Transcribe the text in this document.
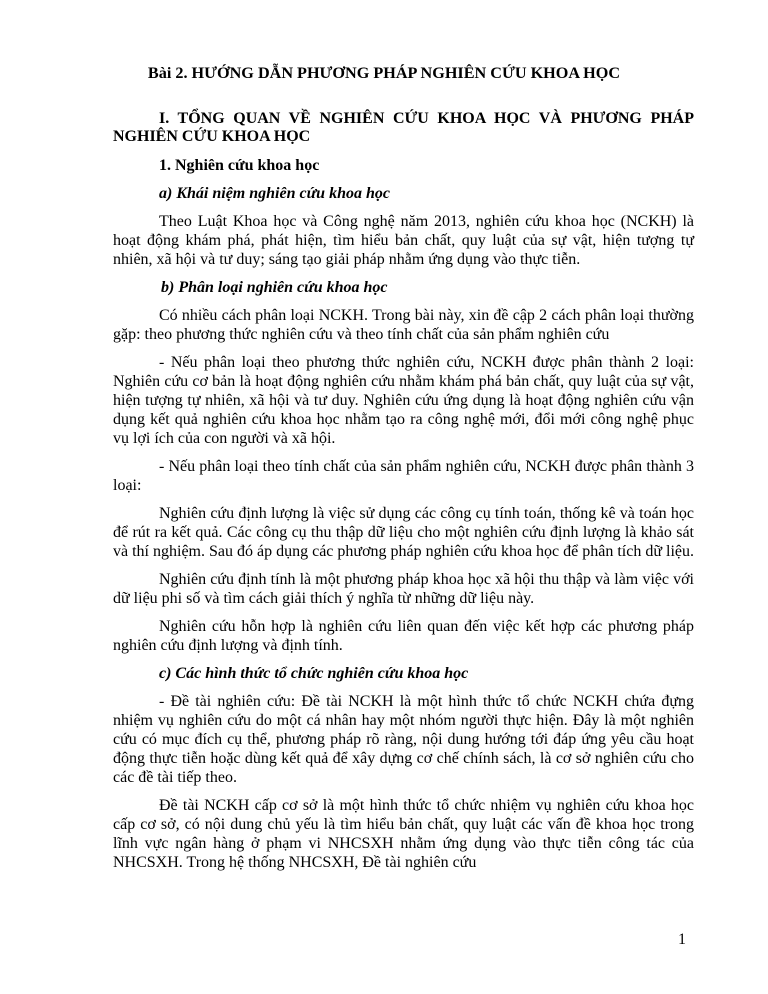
Bài 2. HƯỚNG DẪN PHƯƠNG PHÁP NGHIÊN CỨU KHOA HỌC
I. TỔNG QUAN VỀ NGHIÊN CỨU KHOA HỌC VÀ PHƯƠNG PHÁP NGHIÊN CỨU KHOA HỌC
1. Nghiên cứu khoa học
a) Khái niệm nghiên cứu khoa học

Theo Luật Khoa học và Công nghệ năm 2013, nghiên cứu khoa học (NCKH) là hoạt động khám phá, phát hiện, tìm hiểu bản chất, quy luật của sự vật, hiện tượng tự nhiên, xã hội và tư duy; sáng tạo giải pháp nhằm ứng dụng vào thực tiễn.

b) Phân loại nghiên cứu khoa học

Có nhiều cách phân loại NCKH. Trong bài này, xin đề cập 2 cách phân loại thường gặp: theo phương thức nghiên cứu và theo tính chất của sản phẩm nghiên cứu

- Nếu phân loại theo phương thức nghiên cứu, NCKH được phân thành 2 loại: Nghiên cứu cơ bản là hoạt động nghiên cứu nhằm khám phá bản chất, quy luật của sự vật, hiện tượng tự nhiên, xã hội và tư duy. Nghiên cứu ứng dụng là hoạt động nghiên cứu vận dụng kết quả nghiên cứu khoa học nhằm tạo ra công nghệ mới, đổi mới công nghệ phục vụ lợi ích của con người và xã hội.

- Nếu phân loại theo tính chất của sản phẩm nghiên cứu, NCKH được phân thành 3 loại:

Nghiên cứu định lượng là việc sử dụng các công cụ tính toán, thống kê và toán học để rút ra kết quả. Các công cụ thu thập dữ liệu cho một nghiên cứu định lượng là khảo sát và thí nghiệm. Sau đó áp dụng các phương pháp nghiên cứu khoa học để phân tích dữ liệu.

Nghiên cứu định tính là một phương pháp khoa học xã hội thu thập và làm việc với dữ liệu phi số và tìm cách giải thích ý nghĩa từ những dữ liệu này.

Nghiên cứu hỗn hợp là nghiên cứu liên quan đến việc kết hợp các phương pháp nghiên cứu định lượng và định tính.

c) Các hình thức tổ chức nghiên cứu khoa học

- Đề tài nghiên cứu: Đề tài NCKH là một hình thức tổ chức NCKH chứa đựng nhiệm vụ nghiên cứu do một cá nhân hay một nhóm người thực hiện. Đây là một nghiên cứu có mục đích cụ thể, phương pháp rõ ràng, nội dung hướng tới đáp ứng yêu cầu hoạt động thực tiễn hoặc dùng kết quả để xây dựng cơ chế chính sách, là cơ sở nghiên cứu cho các đề tài tiếp theo.

Đề tài NCKH cấp cơ sở là một hình thức tổ chức nhiệm vụ nghiên cứu khoa học cấp cơ sở, có nội dung chủ yếu là tìm hiểu bản chất, quy luật các vấn đề khoa học trong lĩnh vực ngân hàng ở phạm vi NHCSXH nhằm ứng dụng vào thực tiễn công tác của NHCSXH. Trong hệ thống NHCSXH, Đề tài nghiên cứu

1
